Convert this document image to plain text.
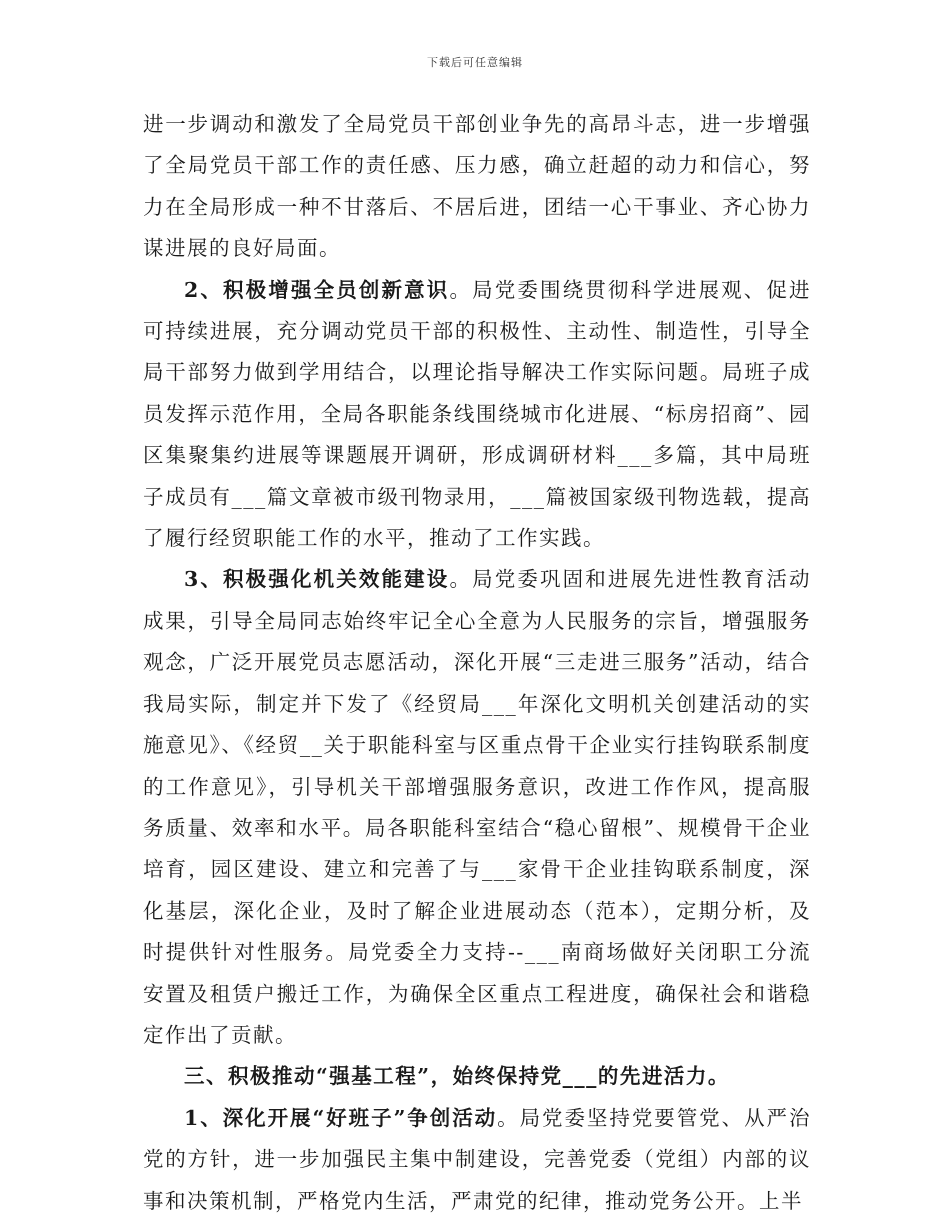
下载后可任意编辑

进一步调动和激发了全局党员干部创业争先的高昂斗志，进一步增强了全局党员干部工作的责任感、压力感，确立赶超的动力和信心，努力在全局形成一种不甘落后、不居后进，团结一心干事业、齐心协力谋进展的良好局面。

2、积极增强全员创新意识。局党委围绕贯彻科学进展观、促进可持续进展，充分调动党员干部的积极性、主动性、制造性，引导全局干部努力做到学用结合，以理论指导解决工作实际问题。局班子成员发挥示范作用，全局各职能条线围绕城市化进展、“标房招商”、园区集聚集约进展等课题展开调研，形成调研材料___多篇，其中局班子成员有___篇文章被市级刊物录用，___篇被国家级刊物选载，提高了履行经贸职能工作的水平，推动了工作实践。

3、积极强化机关效能建设。局党委巩固和进展先进性教育活动成果，引导全局同志始终牢记全心全意为人民服务的宗旨，增强服务观念，广泛开展党员志愿活动，深化开展“三走进三服务”活动，结合我局实际，制定并下发了《经贸局___年深化文明机关创建活动的实施意见》、《经贸__关于职能科室与区重点骨干企业实行挂钩联系制度的工作意见》，引导机关干部增强服务意识，改进工作作风，提高服务质量、效率和水平。局各职能科室结合“稳心留根”、规模骨干企业培育，园区建设、建立和完善了与___家骨干企业挂钩联系制度，深化基层，深化企业，及时了解企业进展动态（范本），定期分析，及时提供针对性服务。局党委全力支持--___南商场做好关闭职工分流安置及租赁户搬迁工作，为确保全区重点工程进度，确保社会和谐稳定作出了贡献。

三、积极推动“强基工程”，始终保持党___的先进活力。

1、深化开展“好班子”争创活动。局党委坚持党要管党、从严治党的方针，进一步加强民主集中制建设，完善党委（党组）内部的议事和决策机制，严格党内生活，严肃党的纪律，推动党务公开。上半
